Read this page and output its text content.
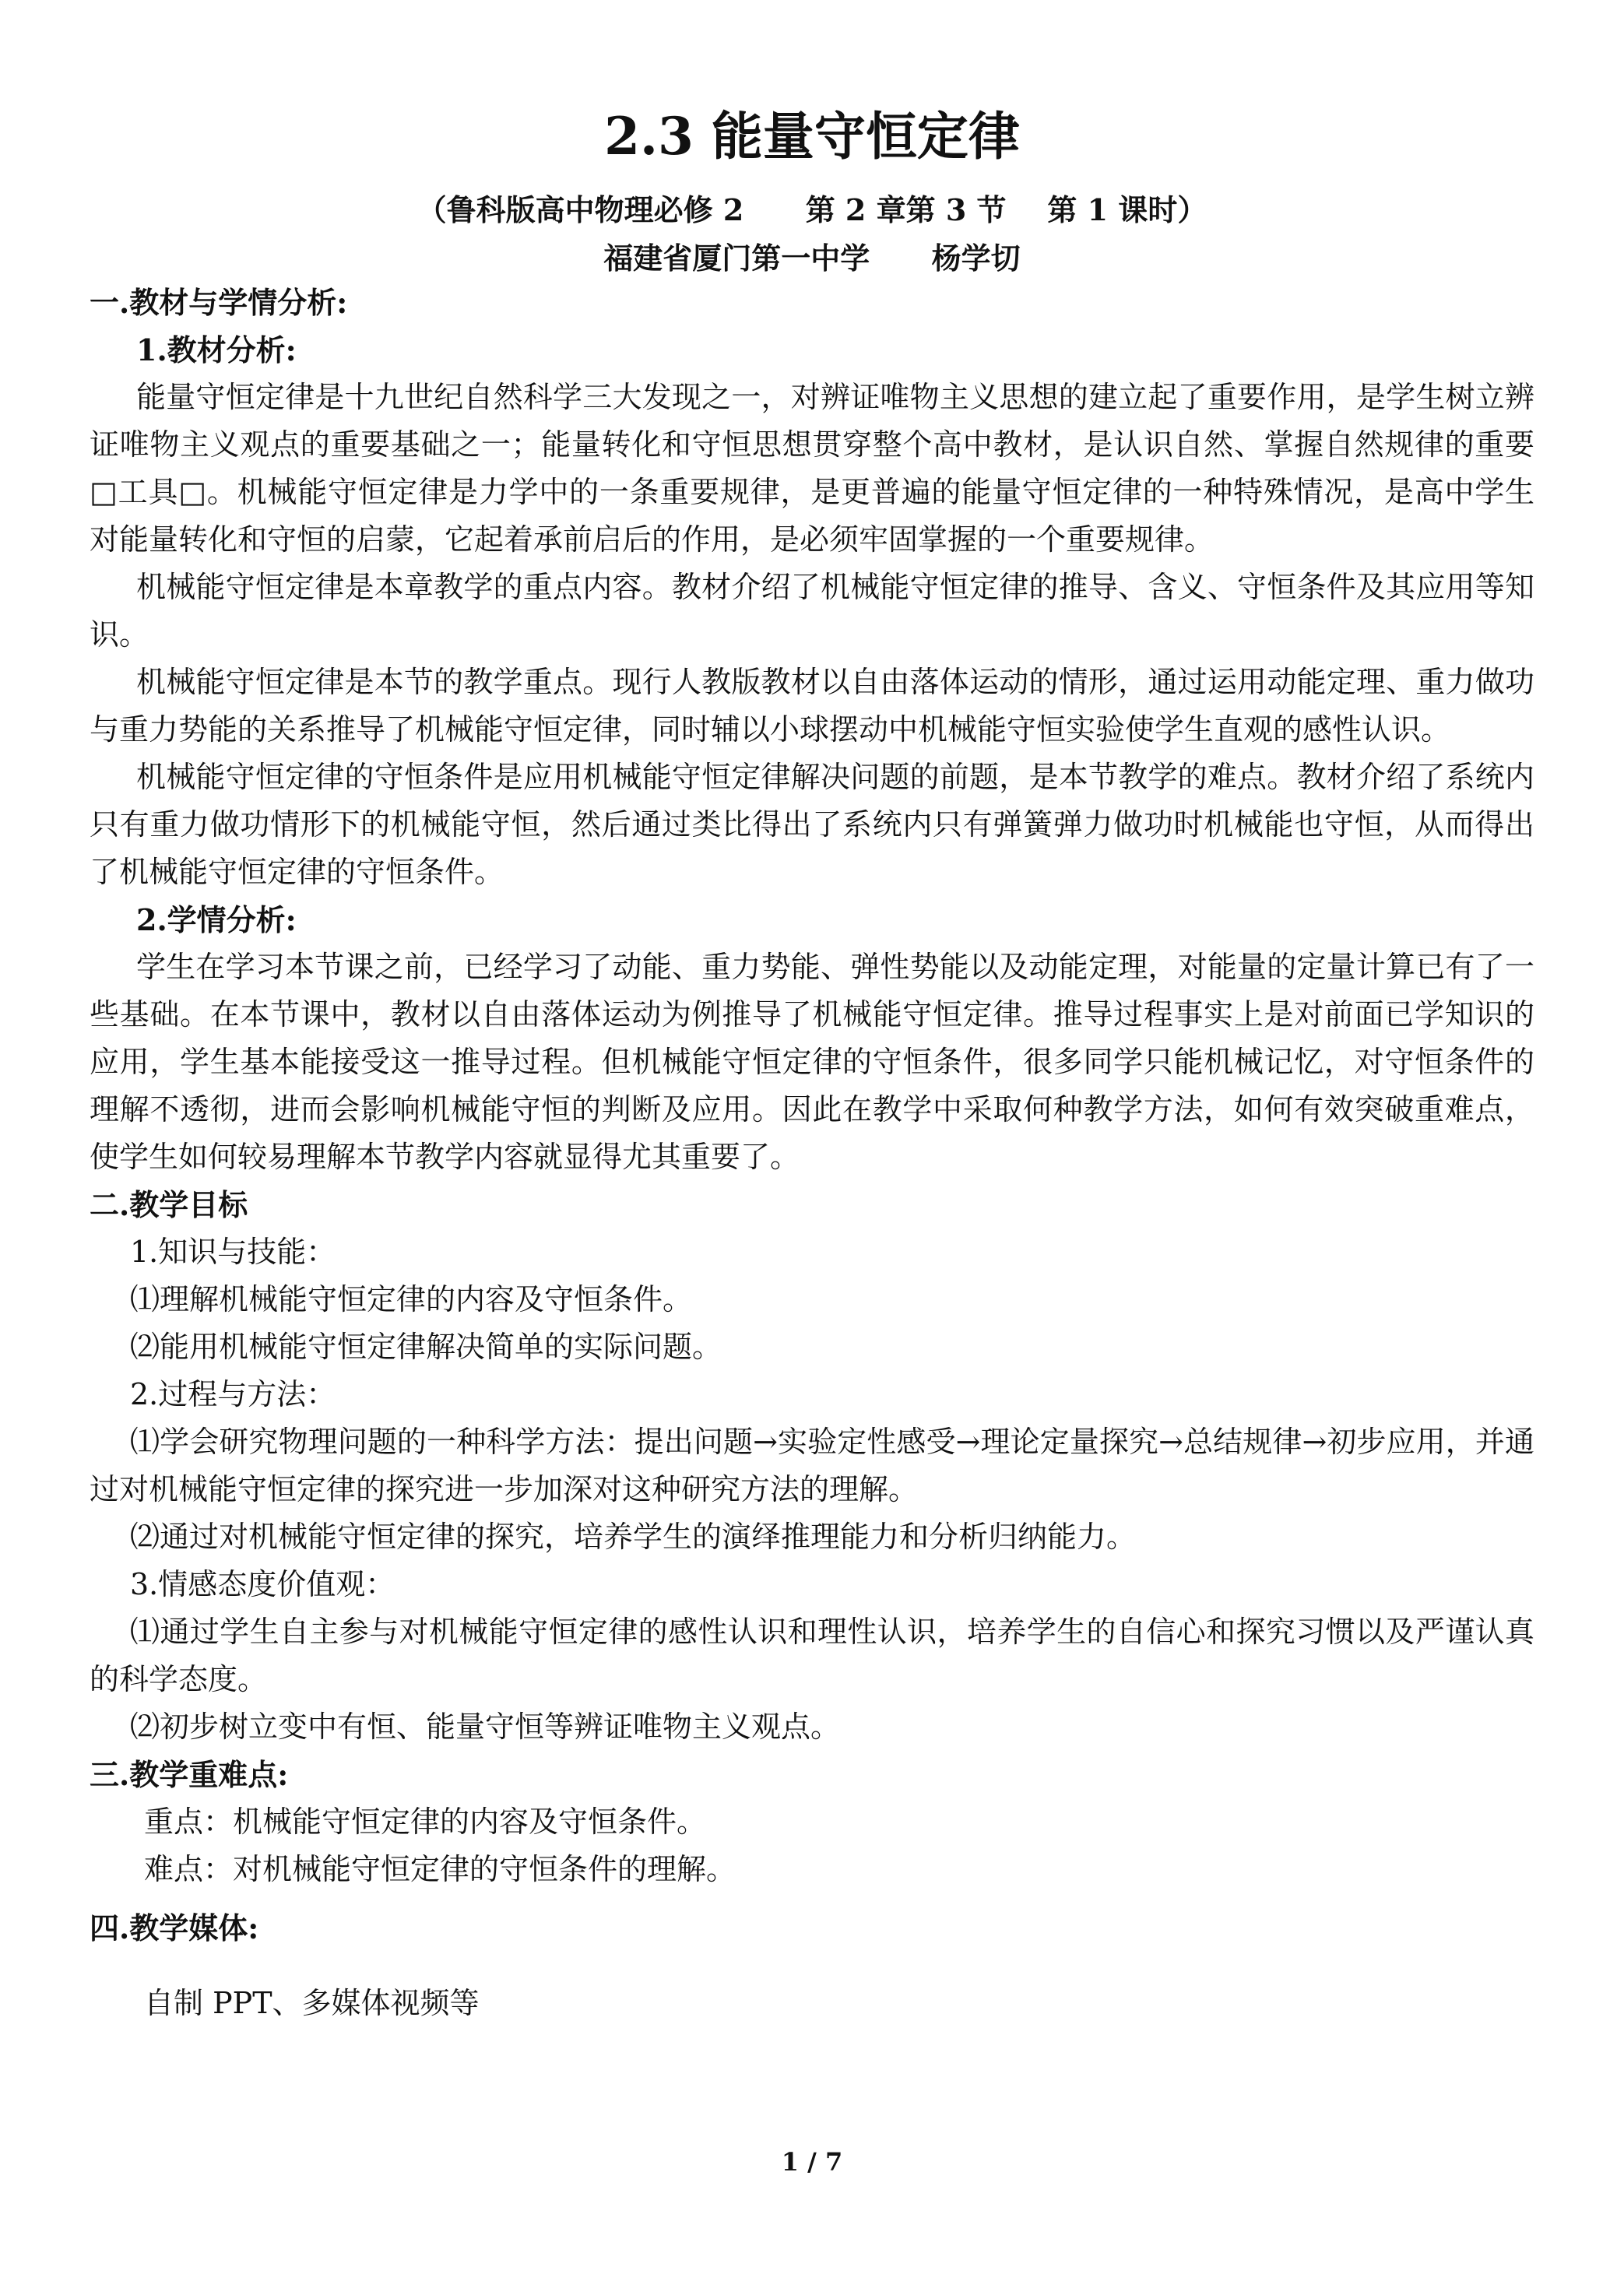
2.3 能量守恒定律
（鲁科版高中物理必修 2      第 2 章第 3 节    第 1 课时）
福建省厦门第一中学      杨学切

一.教材与学情分析:

1.教材分析:

能量守恒定律是十九世纪自然科学三大发现之一，对辨证唯物主义思想的建立起了重要作用，是学生树立辨证唯物主义观点的重要基础之一；能量转化和守恒思想贯穿整个高中教材，是认识自然、掌握自然规律的重要□工具□。机械能守恒定律是力学中的一条重要规律，是更普遍的能量守恒定律的一种特殊情况，是高中学生对能量转化和守恒的启蒙，它起着承前启后的作用，是必须牢固掌握的一个重要规律。

机械能守恒定律是本章教学的重点内容。教材介绍了机械能守恒定律的推导、含义、守恒条件及其应用等知识。

机械能守恒定律是本节的教学重点。现行人教版教材以自由落体运动的情形，通过运用动能定理、重力做功与重力势能的关系推导了机械能守恒定律，同时辅以小球摆动中机械能守恒实验使学生直观的感性认识。

机械能守恒定律的守恒条件是应用机械能守恒定律解决问题的前题，是本节教学的难点。教材介绍了系统内只有重力做功情形下的机械能守恒，然后通过类比得出了系统内只有弹簧弹力做功时机械能也守恒，从而得出了机械能守恒定律的守恒条件。

2.学情分析:

学生在学习本节课之前，已经学习了动能、重力势能、弹性势能以及动能定理，对能量的定量计算已有了一些基础。在本节课中，教材以自由落体运动为例推导了机械能守恒定律。推导过程事实上是对前面已学知识的应用，学生基本能接受这一推导过程。但机械能守恒定律的守恒条件，很多同学只能机械记忆，对守恒条件的理解不透彻，进而会影响机械能守恒的判断及应用。因此在教学中采取何种教学方法，如何有效突破重难点，使学生如何较易理解本节教学内容就显得尤其重要了。

二.教学目标

1.知识与技能：

⑴理解机械能守恒定律的内容及守恒条件。

⑵能用机械能守恒定律解决简单的实际问题。

2.过程与方法：

⑴学会研究物理问题的一种科学方法：提出问题→实验定性感受→理论定量探究→总结规律→初步应用，并通过对机械能守恒定律的探究进一步加深对这种研究方法的理解。

⑵通过对机械能守恒定律的探究，培养学生的演绎推理能力和分析归纳能力。

3.情感态度价值观：

⑴通过学生自主参与对机械能守恒定律的感性认识和理性认识，培养学生的自信心和探究习惯以及严谨认真的科学态度。

⑵初步树立变中有恒、能量守恒等辨证唯物主义观点。

三.教学重难点:

重点：机械能守恒定律的内容及守恒条件。

难点：对机械能守恒定律的守恒条件的理解。

四.教学媒体:

自制 PPT、多媒体视频等

1 / 7
